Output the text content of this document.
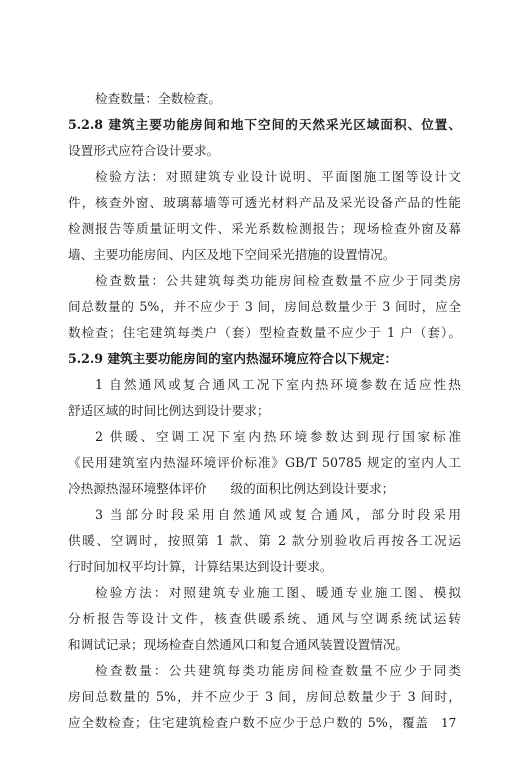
检查数量：全数检查。
5.2.8 建筑主要功能房间和地下空间的天然采光区域面积、位置、
设置形式应符合设计要求。
检验方法：对照建筑专业设计说明、平面图施工图等设计文
件，核查外窗、玻璃幕墙等可透光材料产品及采光设备产品的性能
检测报告等质量证明文件、采光系数检测报告；现场检查外窗及幕
墙、主要功能房间、内区及地下空间采光措施的设置情况。
检查数量：公共建筑每类功能房间检查数量不应少于同类房
间总数量的 5%，并不应少于 3 间，房间总数量少于 3 间时，应全
数检查；住宅建筑每类户（套）型检查数量不应少于 1 户（套）。
5.2.9 建筑主要功能房间的室内热湿环境应符合以下规定：
1 自然通风或复合通风工况下室内热环境参数在适应性热
舒适区域的时间比例达到设计要求；
2 供暖、空调工况下室内热环境参数达到现行国家标准
《民用建筑室内热湿环境评价标准》GB/T 50785 规定的室内人工
冷热源热湿环境整体评价      级的面积比例达到设计要求；
3 当部分时段采用自然通风或复合通风，部分时段采用
供暖、空调时，按照第 1 款、第 2 款分别验收后再按各工况运
行时间加权平均计算，计算结果达到设计要求。
检验方法：对照建筑专业施工图、暖通专业施工图、模拟
分析报告等设计文件，核查供暖系统、通风与空调系统试运转
和调试记录；现场检查自然通风口和复合通风装置设置情况。
检查数量：公共建筑每类功能房间检查数量不应少于同类
房间总数量的 5%，并不应少于 3 间，房间总数量少于 3 间时，
应全数检查；住宅建筑检查户数不应少于总户数的 5%，覆盖 17
